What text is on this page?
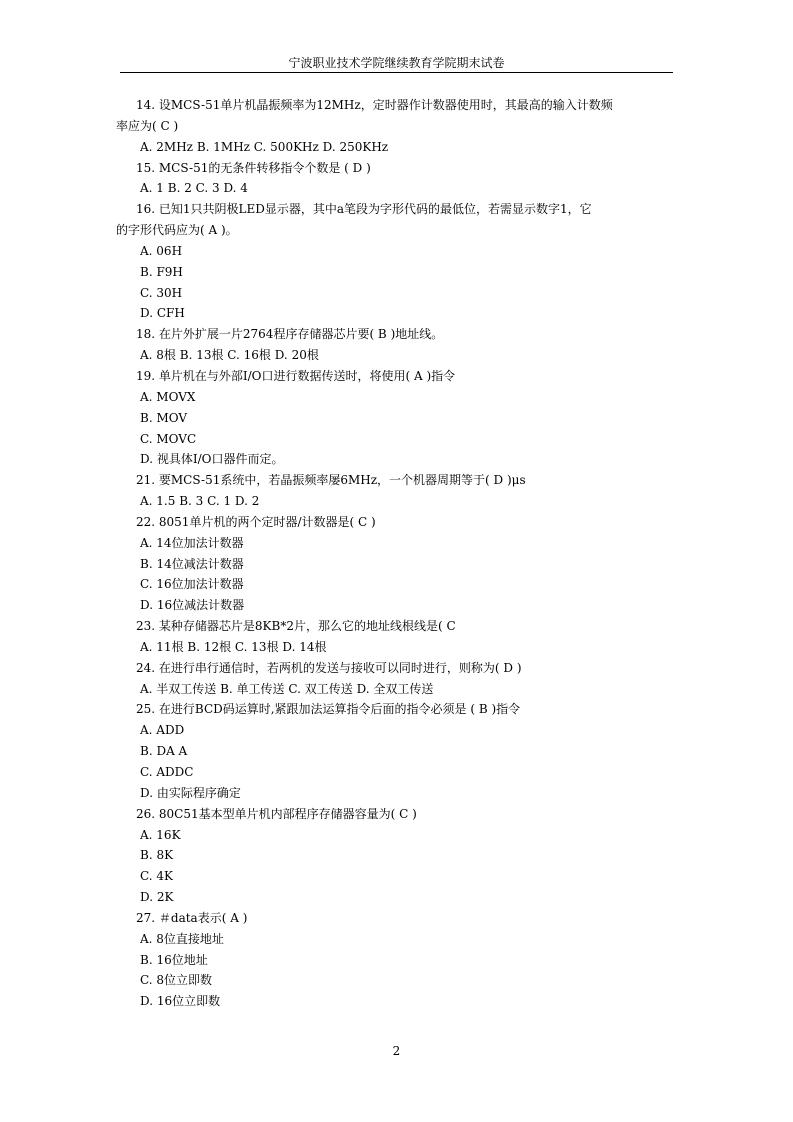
宁波职业技术学院继续教育学院期末试卷
14. 设MCS-51单片机晶振频率为12MHz，定时器作计数器使用时，其最高的输入计数频
率应为( C )
A. 2MHz B. 1MHz C. 500KHz D. 250KHz
15. MCS-51的无条件转移指令个数是 ( D )
A. 1 B. 2 C. 3 D. 4
16. 已知1只共阴极LED显示器，其中a笔段为字形代码的最低位，若需显示数字1，它
的字形代码应为( A )。
A. 06H
B. F9H
C. 30H
D. CFH
18. 在片外扩展一片2764程序存储器芯片要( B )地址线。
A. 8根 B. 13根 C. 16根 D. 20根
19. 单片机在与外部I/O口进行数据传送时，将使用( A )指令
A. MOVX
B. MOV
C. MOVC
D. 视具体I/O口器件而定。
21. 要MCS-51系统中，若晶振频率屡6MHz，一个机器周期等于( D )μs
A. 1.5 B. 3 C. 1 D. 2
22. 8051单片机的两个定时器/计数器是( C )
A. 14位加法计数器
B. 14位减法计数器
C. 16位加法计数器
D. 16位减法计数器
23. 某种存储器芯片是8KB*2片，那么它的地址线根线是( C
A. 11根 B. 12根 C. 13根 D. 14根
24. 在进行串行通信时，若两机的发送与接收可以同时进行，则称为( D )
A. 半双工传送 B. 单工传送 C. 双工传送 D. 全双工传送
25. 在进行BCD码运算时,紧跟加法运算指令后面的指令必须是 ( B )指令
A. ADD
B. DA A
C. ADDC
D. 由实际程序确定
26. 80C51基本型单片机内部程序存储器容量为( C )
A. 16K
B. 8K
C. 4K
D. 2K
27. ＃data表示( A )
A. 8位直接地址
B. 16位地址
C. 8位立即数
D. 16位立即数
2
